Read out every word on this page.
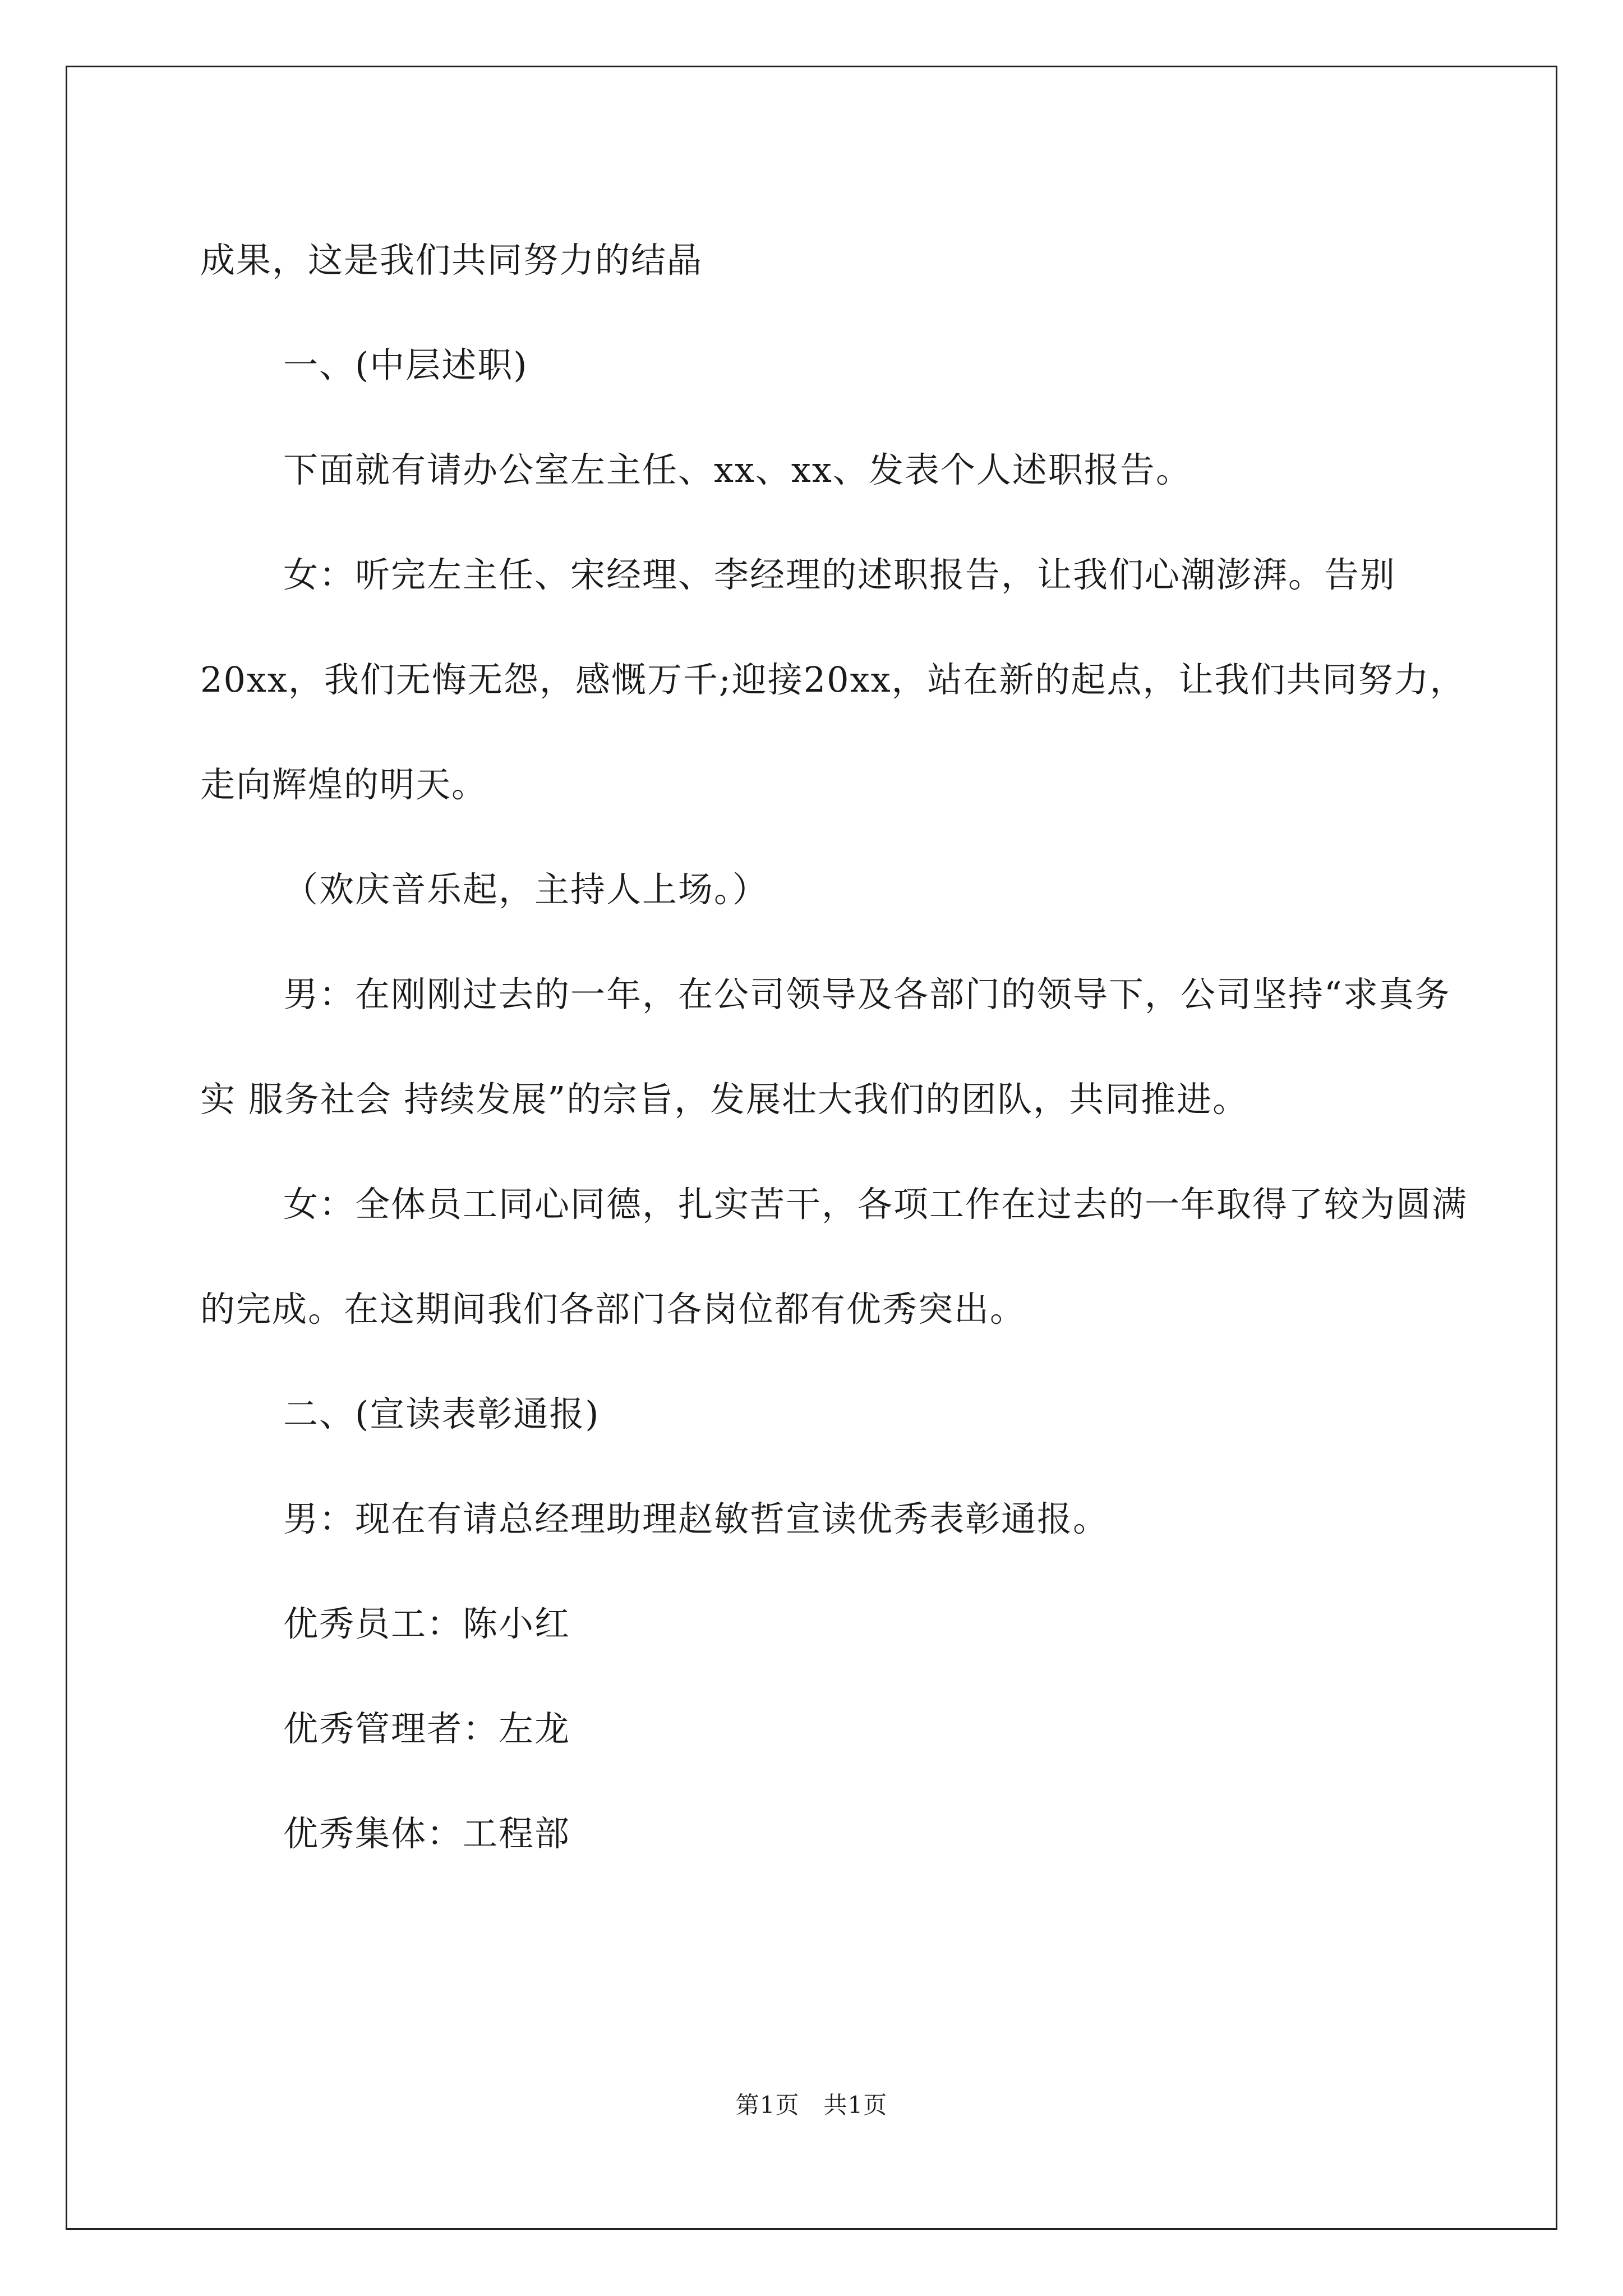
成果，这是我们共同努力的结晶

一、(中层述职)

下面就有请办公室左主任、xx、xx、发表个人述职报告。

女：听完左主任、宋经理、李经理的述职报告，让我们心潮澎湃。告别20xx，我们无悔无怨，感慨万千;迎接20xx，站在新的起点，让我们共同努力，走向辉煌的明天。

（欢庆音乐起，主持人上场。）

男：在刚刚过去的一年，在公司领导及各部门的领导下，公司坚持“求真务实 服务社会 持续发展”的宗旨，发展壮大我们的团队，共同推进。

女：全体员工同心同德，扎实苦干，各项工作在过去的一年取得了较为圆满的完成。在这期间我们各部门各岗位都有优秀突出。

二、(宣读表彰通报)

男：现在有请总经理助理赵敏哲宣读优秀表彰通报。

优秀员工：陈小红

优秀管理者：左龙

优秀集体：工程部

第1页　共1页
